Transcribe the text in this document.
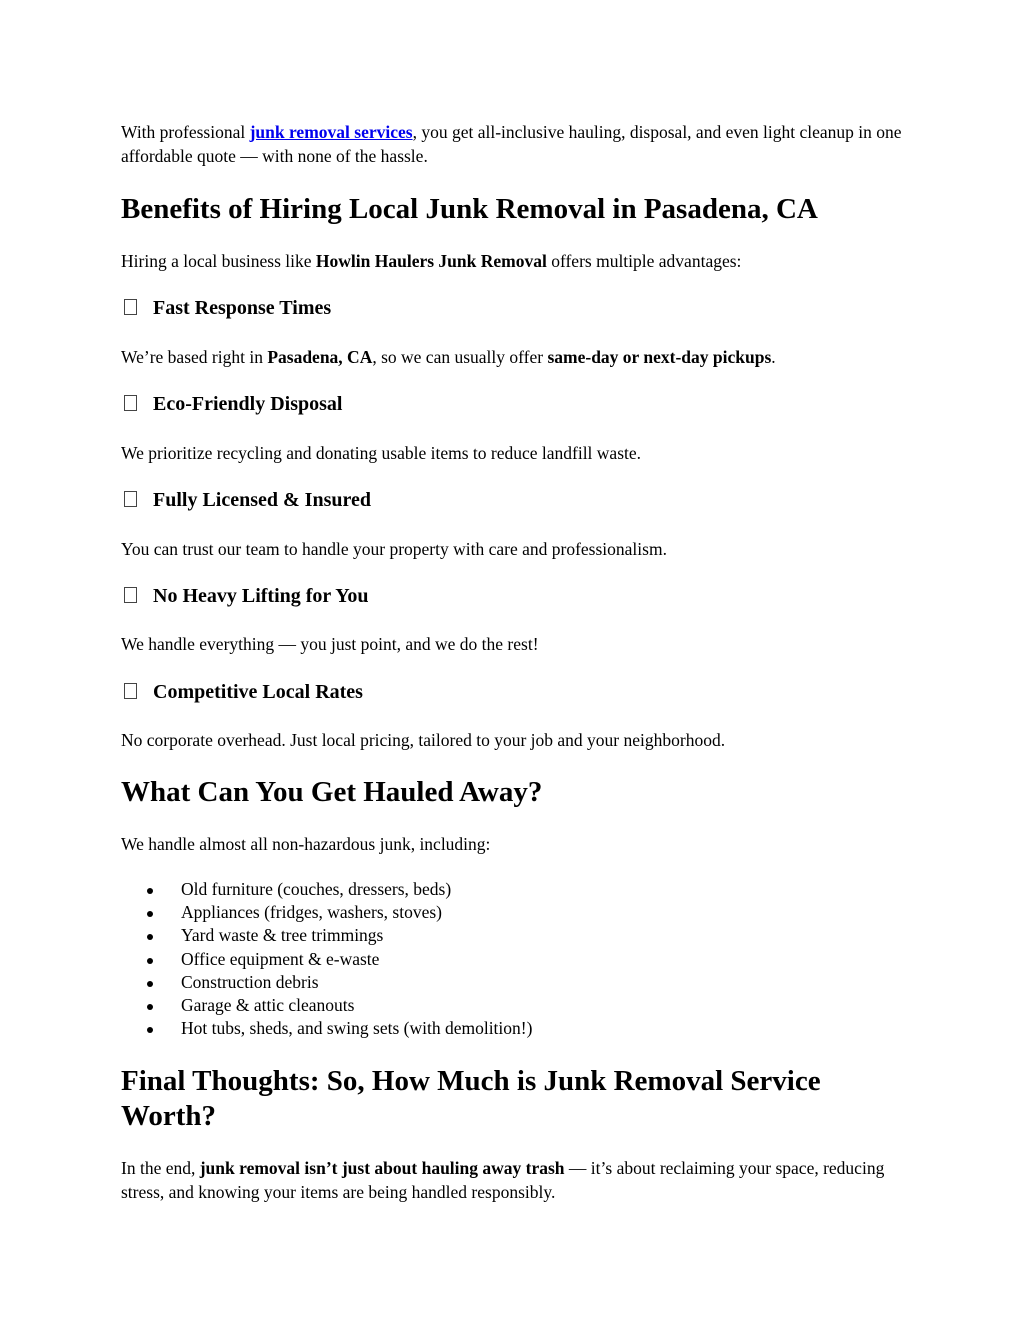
With professional junk removal services, you get all-inclusive hauling, disposal, and even light cleanup in one affordable quote — with none of the hassle.

Benefits of Hiring Local Junk Removal in Pasadena, CA

Hiring a local business like Howlin Haulers Junk Removal offers multiple advantages:

Fast Response Times

We’re based right in Pasadena, CA, so we can usually offer same-day or next-day pickups.

Eco-Friendly Disposal

We prioritize recycling and donating usable items to reduce landfill waste.

Fully Licensed & Insured

You can trust our team to handle your property with care and professionalism.

No Heavy Lifting for You

We handle everything — you just point, and we do the rest!

Competitive Local Rates

No corporate overhead. Just local pricing, tailored to your job and your neighborhood.

What Can You Get Hauled Away?

We handle almost all non-hazardous junk, including:

Old furniture (couches, dressers, beds)
Appliances (fridges, washers, stoves)
Yard waste & tree trimmings
Office equipment & e-waste
Construction debris
Garage & attic cleanouts
Hot tubs, sheds, and swing sets (with demolition!)
Final Thoughts: So, How Much is Junk Removal Service
Worth?

In the end, junk removal isn’t just about hauling away trash — it’s about reclaiming your space, reducing stress, and knowing your items are being handled responsibly.
